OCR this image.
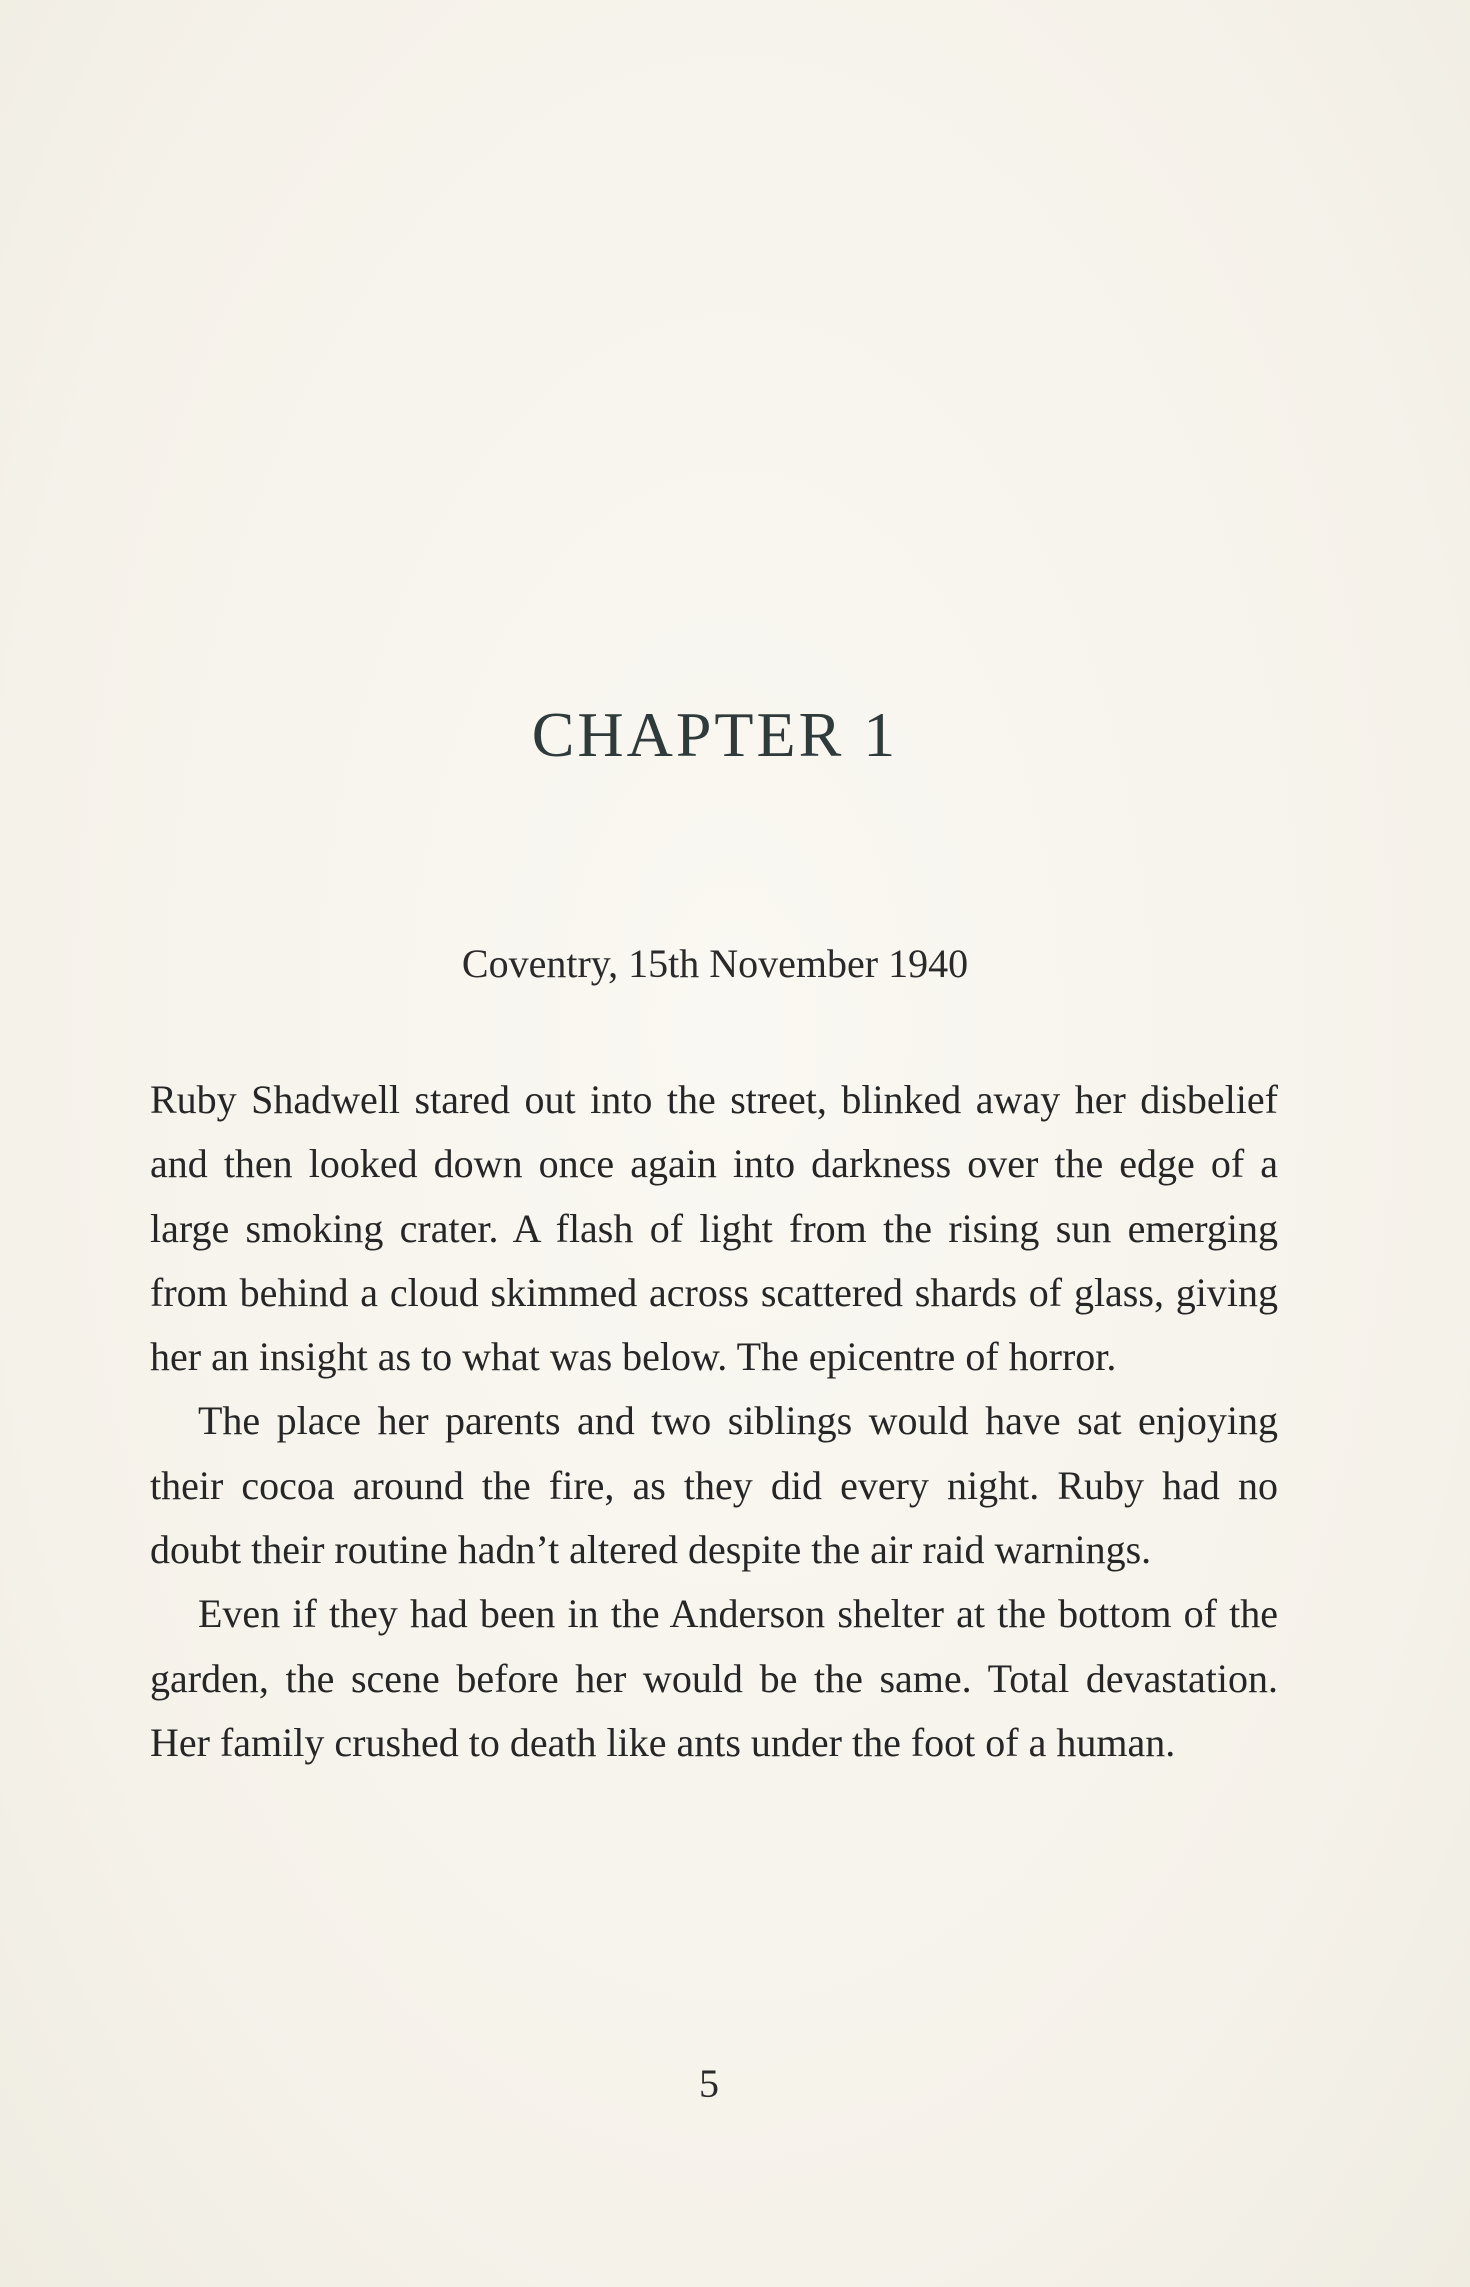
CHAPTER 1
Coventry, 15th November 1940

Ruby Shadwell stared out into the street, blinked away her disbelief and then looked down once again into darkness over the edge of a large smoking crater. A flash of light from the rising sun emerging from behind a cloud skimmed across scattered shards of glass, giving her an insight as to what was below. The epicentre of horror.

The place her parents and two siblings would have sat enjoying their cocoa around the fire, as they did every night. Ruby had no doubt their routine hadn’t altered despite the air raid warnings.

Even if they had been in the Anderson shelter at the bottom of the garden, the scene before her would be the same. Total devastation. Her family crushed to death like ants under the foot of a human.

5
